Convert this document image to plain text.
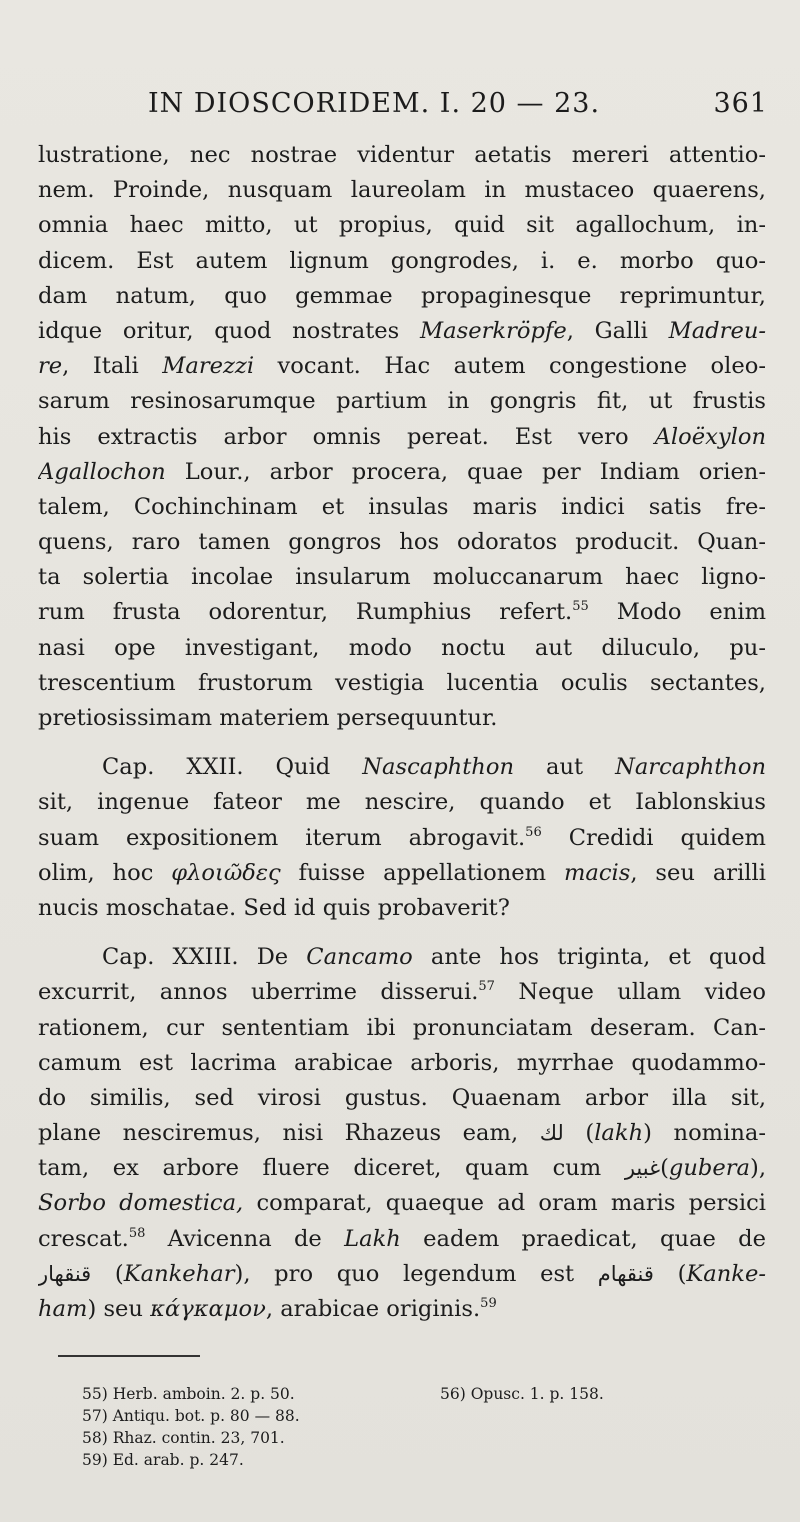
IN DIOSCORIDEM. I. 20 — 23.	361
lustratione, nec nostrae videntur aetatis mereri attentio-
nem. Proinde, nusquam laureolam in mustaceo quaerens,
omnia haec mitto, ut propius, quid sit agallochum, in-
dicem. Est autem lignum gongrodes, i. e. morbo quo-
dam natum, quo gemmae propaginesque reprimuntur,
idque oritur, quod nostrates Maserkröpfe, Galli Madreu-
re, Itali Marezzi vocant. Hac autem congestione oleo-
sarum resinosarumque partium in gongris fit, ut frustis
his extractis arbor omnis pereat. Est vero Aloëxylon
Agallochon Lour., arbor procera, quae per Indiam orien-
talem, Cochinchinam et insulas maris indici satis fre-
quens, raro tamen gongros hos odoratos producit. Quan-
ta solertia incolae insularum moluccanarum haec ligno-
rum frusta odorentur, Rumphius refert.$^{55}$ Modo enim
nasi ope investigant, modo noctu aut diluculo, pu-
trescentium frustorum vestigia lucentia oculis sectantes,
pretiosissimam materiem persequuntur.
Cap. XXII. Quid Nascaphthon aut Narcaphthon
sit, ingenue fateor me nescire, quando et Iablonskius
suam expositionem iterum abrogavit.$^{56}$ Credidi quidem
olim, hoc φλοιῶδες fuisse appellationem macis, seu arilli
nucis moschatae. Sed id quis probaverit?
Cap. XXIII. De Cancamo ante hos triginta, et quod
excurrit, annos uberrime disserui.$^{57}$ Neque ullam video
rationem, cur sententiam ibi pronunciatam deseram. Can-
camum est lacrima arabicae arboris, myrrhae quodammo-
do similis, sed virosi gustus. Quaenam arbor illa sit,
plane nesciremus, nisi Rhazeus eam, لك (lakh) nomina-
tam, ex arbore fluere diceret, quam cum غبير(gubera),
Sorbo domestica, comparat, quaeque ad oram maris persici
crescat.$^{58}$ Avicenna de Lakh eadem praedicat, quae de
قنقهار (Kankehar), pro quo legendum est قنقهام (Kanke-
ham) seu κάγκαμον, arabicae originis.$^{59}$
55) Herb. amboin. 2. p. 50.	56) Opusc. 1. p. 158.
57) Antiqu. bot. p. 80 — 88.
58) Rhaz. contin. 23, 701.
59) Ed. arab. p. 247.
